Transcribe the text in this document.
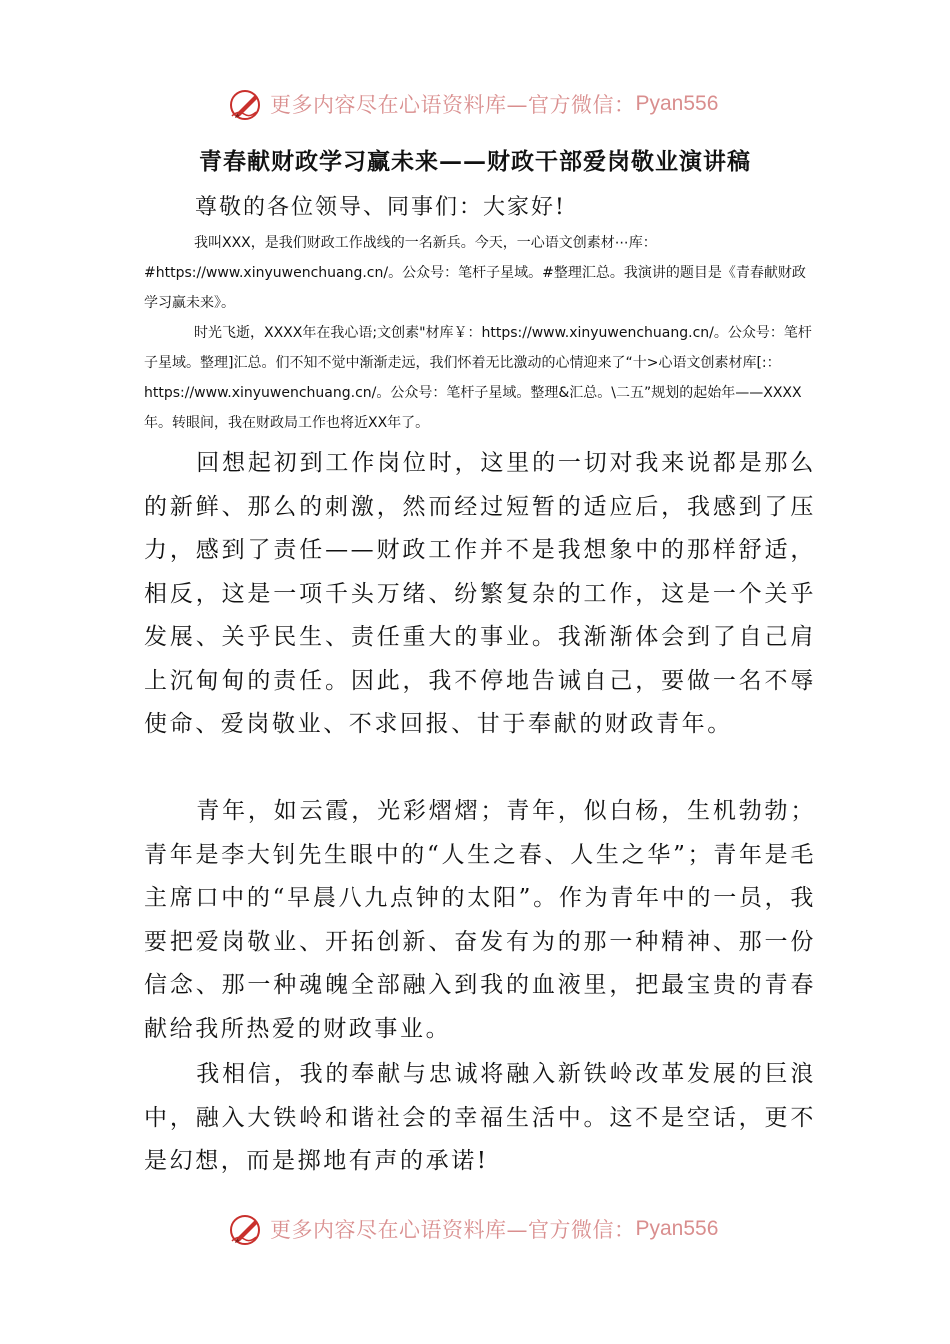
更多内容尽在心语资料库—官方微信： Pyan556
青春献财政学习赢未来——财政干部爱岗敬业演讲稿
尊敬的各位领导、同事们：大家好!
我叫XXX，是我们财政工作战线的一名新兵。今天，一心语文创素材⋯库：#https://www.xinyuwenchuang.cn/。公众号：笔杆子星域。#整理汇总。我演讲的题目是《青春献财政学习赢未来》。
时光飞逝，XXXX年在我心语;文创素"材库￥：https://www.xinyuwenchuang.cn/。公众号：笔杆子星域。整理]汇总。们不知不觉中渐渐走远，我们怀着无比激动的心情迎来了“十>心语文创素材库[:：https://www.xinyuwenchuang.cn/。公众号：笔杆子星域。整理&汇总。\二五”规划的起始年——XXXX年。转眼间，我在财政局工作也将近XX年了。
回想起初到工作岗位时，这里的一切对我来说都是那么的新鲜、那么的刺激，然而经过短暂的适应后，我感到了压力，感到了责任——财政工作并不是我想象中的那样舒适，相反，这是一项千头万绪、纷繁复杂的工作，这是一个关乎发展、关乎民生、责任重大的事业。我渐渐体会到了自己肩上沉甸甸的责任。因此，我不停地告诫自己，要做一名不辱使命、爱岗敬业、不求回报、甘于奉献的财政青年。
青年，如云霞，光彩熠熠；青年，似白杨，生机勃勃；青年是李大钊先生眼中的“人生之春、人生之华”；青年是毛主席口中的“早晨八九点钟的太阳”。作为青年中的一员，我要把爱岗敬业、开拓创新、奋发有为的那一种精神、那一份信念、那一种魂魄全部融入到我的血液里，把最宝贵的青春献给我所热爱的财政事业。
我相信，我的奉献与忠诚将融入新铁岭改革发展的巨浪中，融入大铁岭和谐社会的幸福生活中。这不是空话，更不是幻想，而是掷地有声的承诺!
更多内容尽在心语资料库—官方微信： Pyan556
